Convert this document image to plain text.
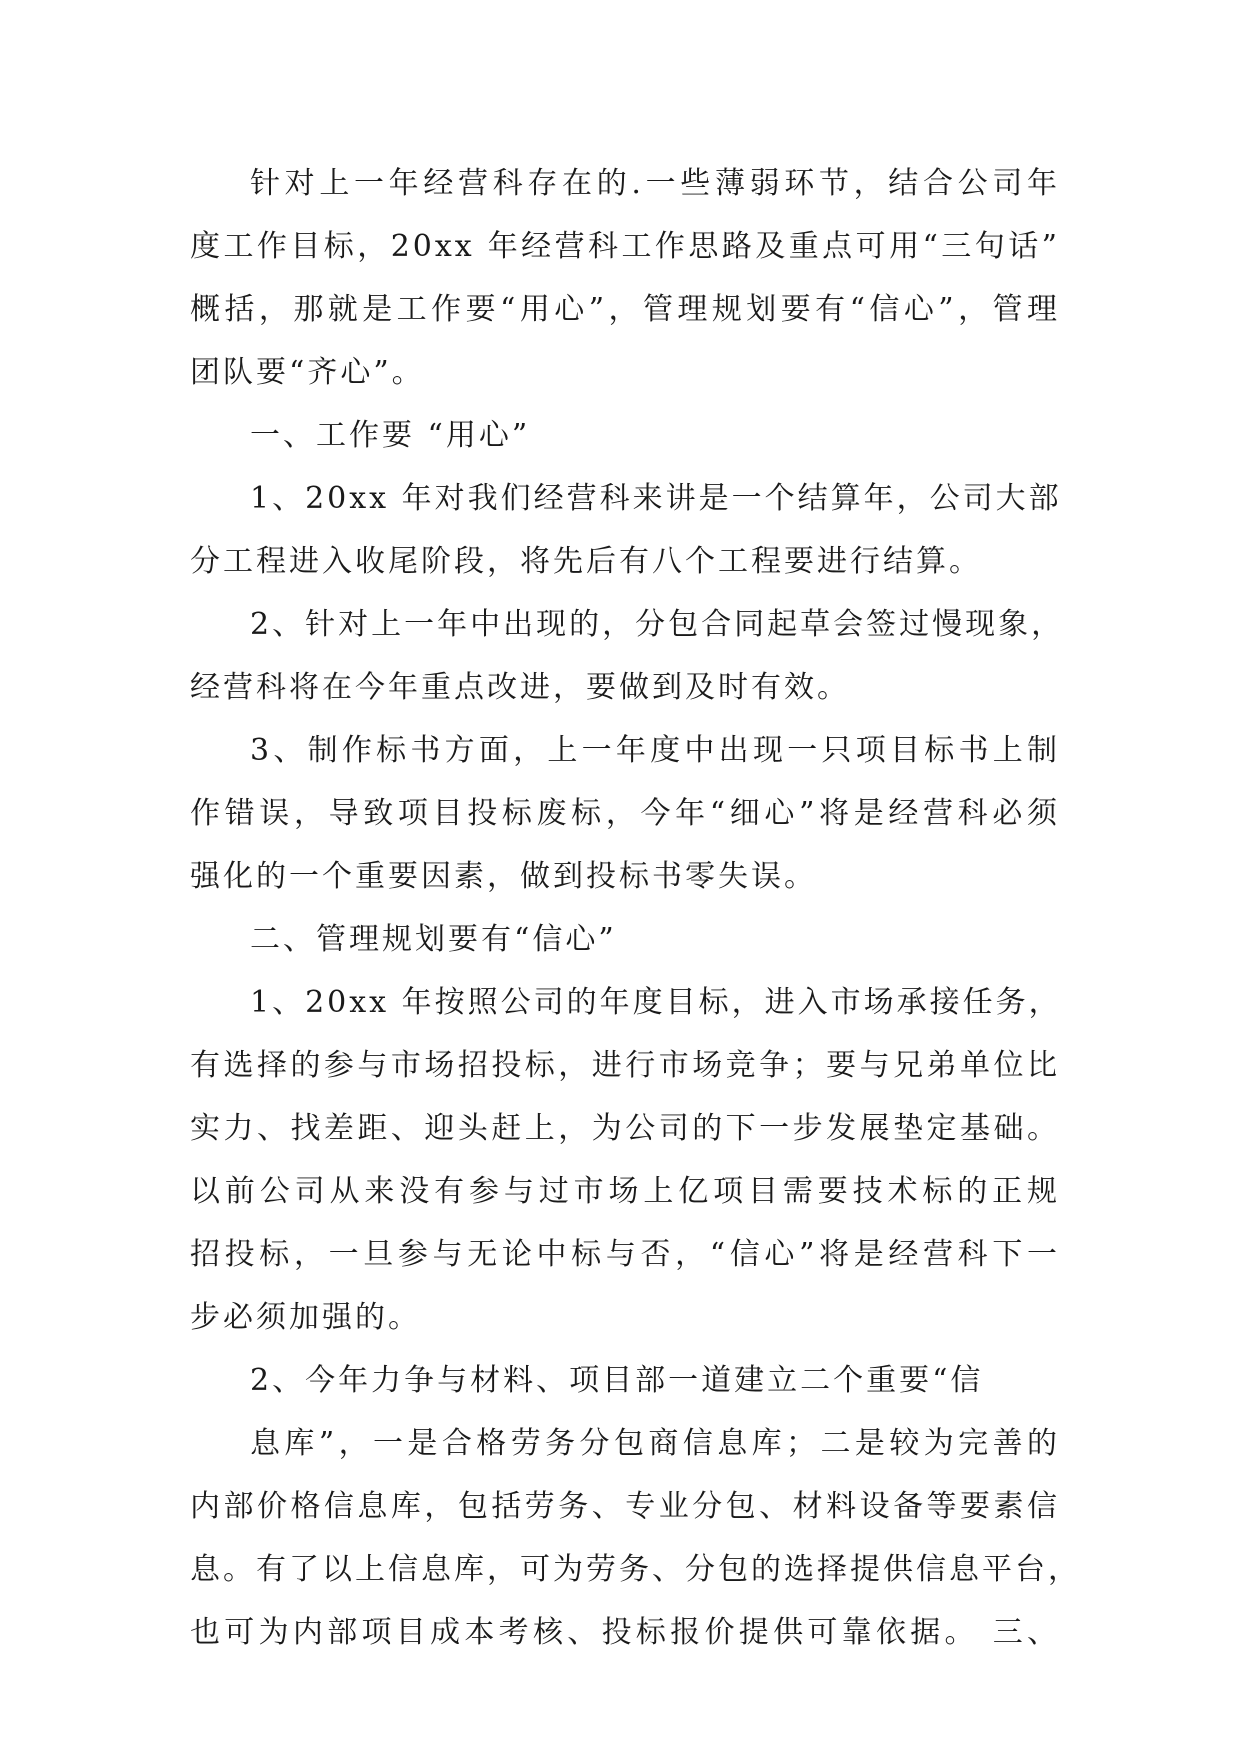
针对上一年经营科存在的.一些薄弱环节，结合公司年

度工作目标，20xx 年经营科工作思路及重点可用“三句话”

概括，那就是工作要“用心”，管理规划要有“信心”，管理

团队要“齐心”。

一、工作要 “用心”

1、20xx 年对我们经营科来讲是一个结算年，公司大部

分工程进入收尾阶段，将先后有八个工程要进行结算。

2、针对上一年中出现的，分包合同起草会签过慢现象，

经营科将在今年重点改进，要做到及时有效。

3、制作标书方面，上一年度中出现一只项目标书上制

作错误，导致项目投标废标，今年“细心”将是经营科必须

强化的一个重要因素，做到投标书零失误。

二、管理规划要有“信心”

1、20xx 年按照公司的年度目标，进入市场承接任务，

有选择的参与市场招投标，进行市场竞争；要与兄弟单位比

实力、找差距、迎头赶上，为公司的下一步发展垫定基础。

以前公司从来没有参与过市场上亿项目需要技术标的正规

招投标，一旦参与无论中标与否，“信心”将是经营科下一

步必须加强的。

2、今年力争与材料、项目部一道建立二个重要“信

息库”，一是合格劳务分包商信息库；二是较为完善的

内部价格信息库，包括劳务、专业分包、材料设备等要素信

息。有了以上信息库，可为劳务、分包的选择提供信息平台，

也可为内部项目成本考核、投标报价提供可靠依据。 三、
